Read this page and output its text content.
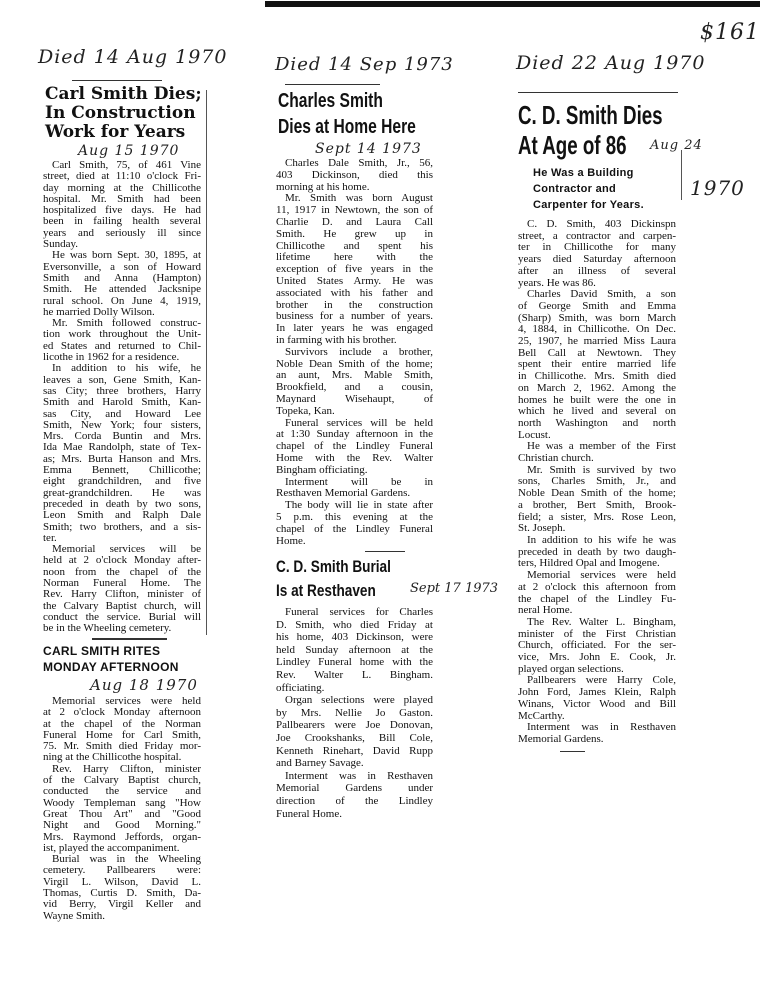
$161
Died 14 Aug 1970
Carl Smith Dies;
In Construction
Work for Years
Aug 15 1970
Carl Smith, 75, of 461 Vine
street, died at 11:10 o'clock Fri-
day morning at the Chillicothe
hospital. Mr. Smith had been
hospitalized five days. He had
been in failing health several
years and seriously ill since
Sunday.
He was born Sept. 30, 1895, at
Eversonville, a son of Howard
Smith and Anna (Hampton)
Smith. He attended Jacksnipe
rural school. On June 4, 1919,
he married Dolly Wilson.
Mr. Smith followed construc-
tion work throughout the Unit-
ed States and returned to Chil-
licothe in 1962 for a residence.
In addition to his wife, he
leaves a son, Gene Smith, Kan-
sas City; three brothers, Harry
Smith and Harold Smith, Kan-
sas City, and Howard Lee
Smith, New York; four sisters,
Mrs. Corda Buntin and Mrs.
Ida Mae Randolph, state of Tex-
as; Mrs. Burta Hanson and Mrs.
Emma Bennett, Chillicothe;
eight grandchildren, and five
great-grandchildren. He was
preceded in death by two sons,
Leon Smith and Ralph Dale
Smith; two brothers, and a sis-
ter.
Memorial services will be
held at 2 o'clock Monday after-
noon from the chapel of the
Norman Funeral Home. The
Rev. Harry Clifton, minister of
the Calvary Baptist church, will
conduct the service. Burial will
be in the Wheeling cemetery.
CARL SMITH RITES
MONDAY AFTERNOON
Aug 18 1970
Memorial services were held
at 2 o'clock Monday afternoon
at the chapel of the Norman
Funeral Home for Carl Smith,
75. Mr. Smith died Friday mor-
ning at the Chillicothe hospital.
Rev. Harry Clifton, minister
of the Calvary Baptist church,
conducted the service and
Woody Templeman sang "How
Great Thou Art" and "Good
Night and Good Morning."
Mrs. Raymond Jeffords, organ-
ist, played the accompaniment.
Burial was in the Wheeling
cemetery. Pallbearers were:
Virgil L. Wilson, David L.
Thomas, Curtis D. Smith, Da-
vid Berry, Virgil Keller and
Wayne Smith.
Died 14 Sep 1973
Charles Smith
Dies at Home Here
Sept 14 1973
Charles Dale Smith, Jr., 56,
403 Dickinson, died this
morning at his home.
Mr. Smith was born August
11, 1917 in Newtown, the son of
Charlie D. and Laura Call
Smith. He grew up in
Chillicothe and spent his
lifetime here with the
exception of five years in the
United States Army. He was
associated with his father and
brother in the construction
business for a number of years.
In later years he was engaged
in farming with his brother.
Survivors include a brother,
Noble Dean Smith of the home;
an aunt, Mrs. Mable Smith,
Brookfield, and a cousin,
Maynard Wisehaupt, of
Topeka, Kan.
Funeral services will be held
at 1:30 Sunday afternoon in the
chapel of the Lindley Funeral
Home with the Rev. Walter
Bingham officiating.
Interment will be in
Resthaven Memorial Gardens.
The body will lie in state after
5 p.m. this evening at the
chapel of the Lindley Funeral
Home.
C. D. Smith Burial
Is at Resthaven	Sept 17 1973
Funeral services for Charles
D. Smith, who died Friday at
his home, 403 Dickinson, were
held Sunday afternoon at the
Lindley Funeral home with the
Rev. Walter L. Bingham.
officiating.
Organ selections were played
by Mrs. Nellie Jo Gaston.
Pallbearers were Joe Donovan,
Joe Crookshanks, Bill Cole,
Kenneth Rinehart, David Rupp
and Barney Savage.
Interment was in Resthaven
Memorial Gardens under
direction of the Lindley
Funeral Home.
Died 22 Aug 1970
C. D. Smith Dies
At Age of 86 Aug 24
1970
He Was a Building
Contractor and
Carpenter for Years.
C. D. Smith, 403 Dickinspn
street, a contractor and carpen-
ter in Chillicothe for many
years died Saturday afternoon
after an illness of several
years. He was 86.
Charles David Smith, a son
of George Smith and Emma
(Sharp) Smith, was born March
4, 1884, in Chillicothe. On Dec.
25, 1907, he married Miss Laura
Bell Call at Newtown. They
spent their entire married life
in Chillicothe. Mrs. Smith died
on March 2, 1962. Among the
homes he built were the one in
which he lived and several on
north Washington and north
Locust.
He was a member of the First
Christian church.
Mr. Smith is survived by two
sons, Charles Smith, Jr., and
Noble Dean Smith of the home;
a brother, Bert Smith, Brook-
field; a sister, Mrs. Rose Leon,
St. Joseph.
In addition to his wife he was
preceded in death by two daugh-
ters, Hildred Opal and Imogene.
Memorial services were held
at 2 o'clock this afternoon from
the chapel of the Lindley Fu-
neral Home.
The Rev. Walter L. Bingham,
minister of the First Christian
Church, officiated. For the ser-
vice, Mrs. John E. Cook, Jr.
played organ selections.
Pallbearers were Harry Cole,
John Ford, James Klein, Ralph
Winans, Victor Wood and Bill
McCarthy.
Interment was in Resthaven
Memorial Gardens.
